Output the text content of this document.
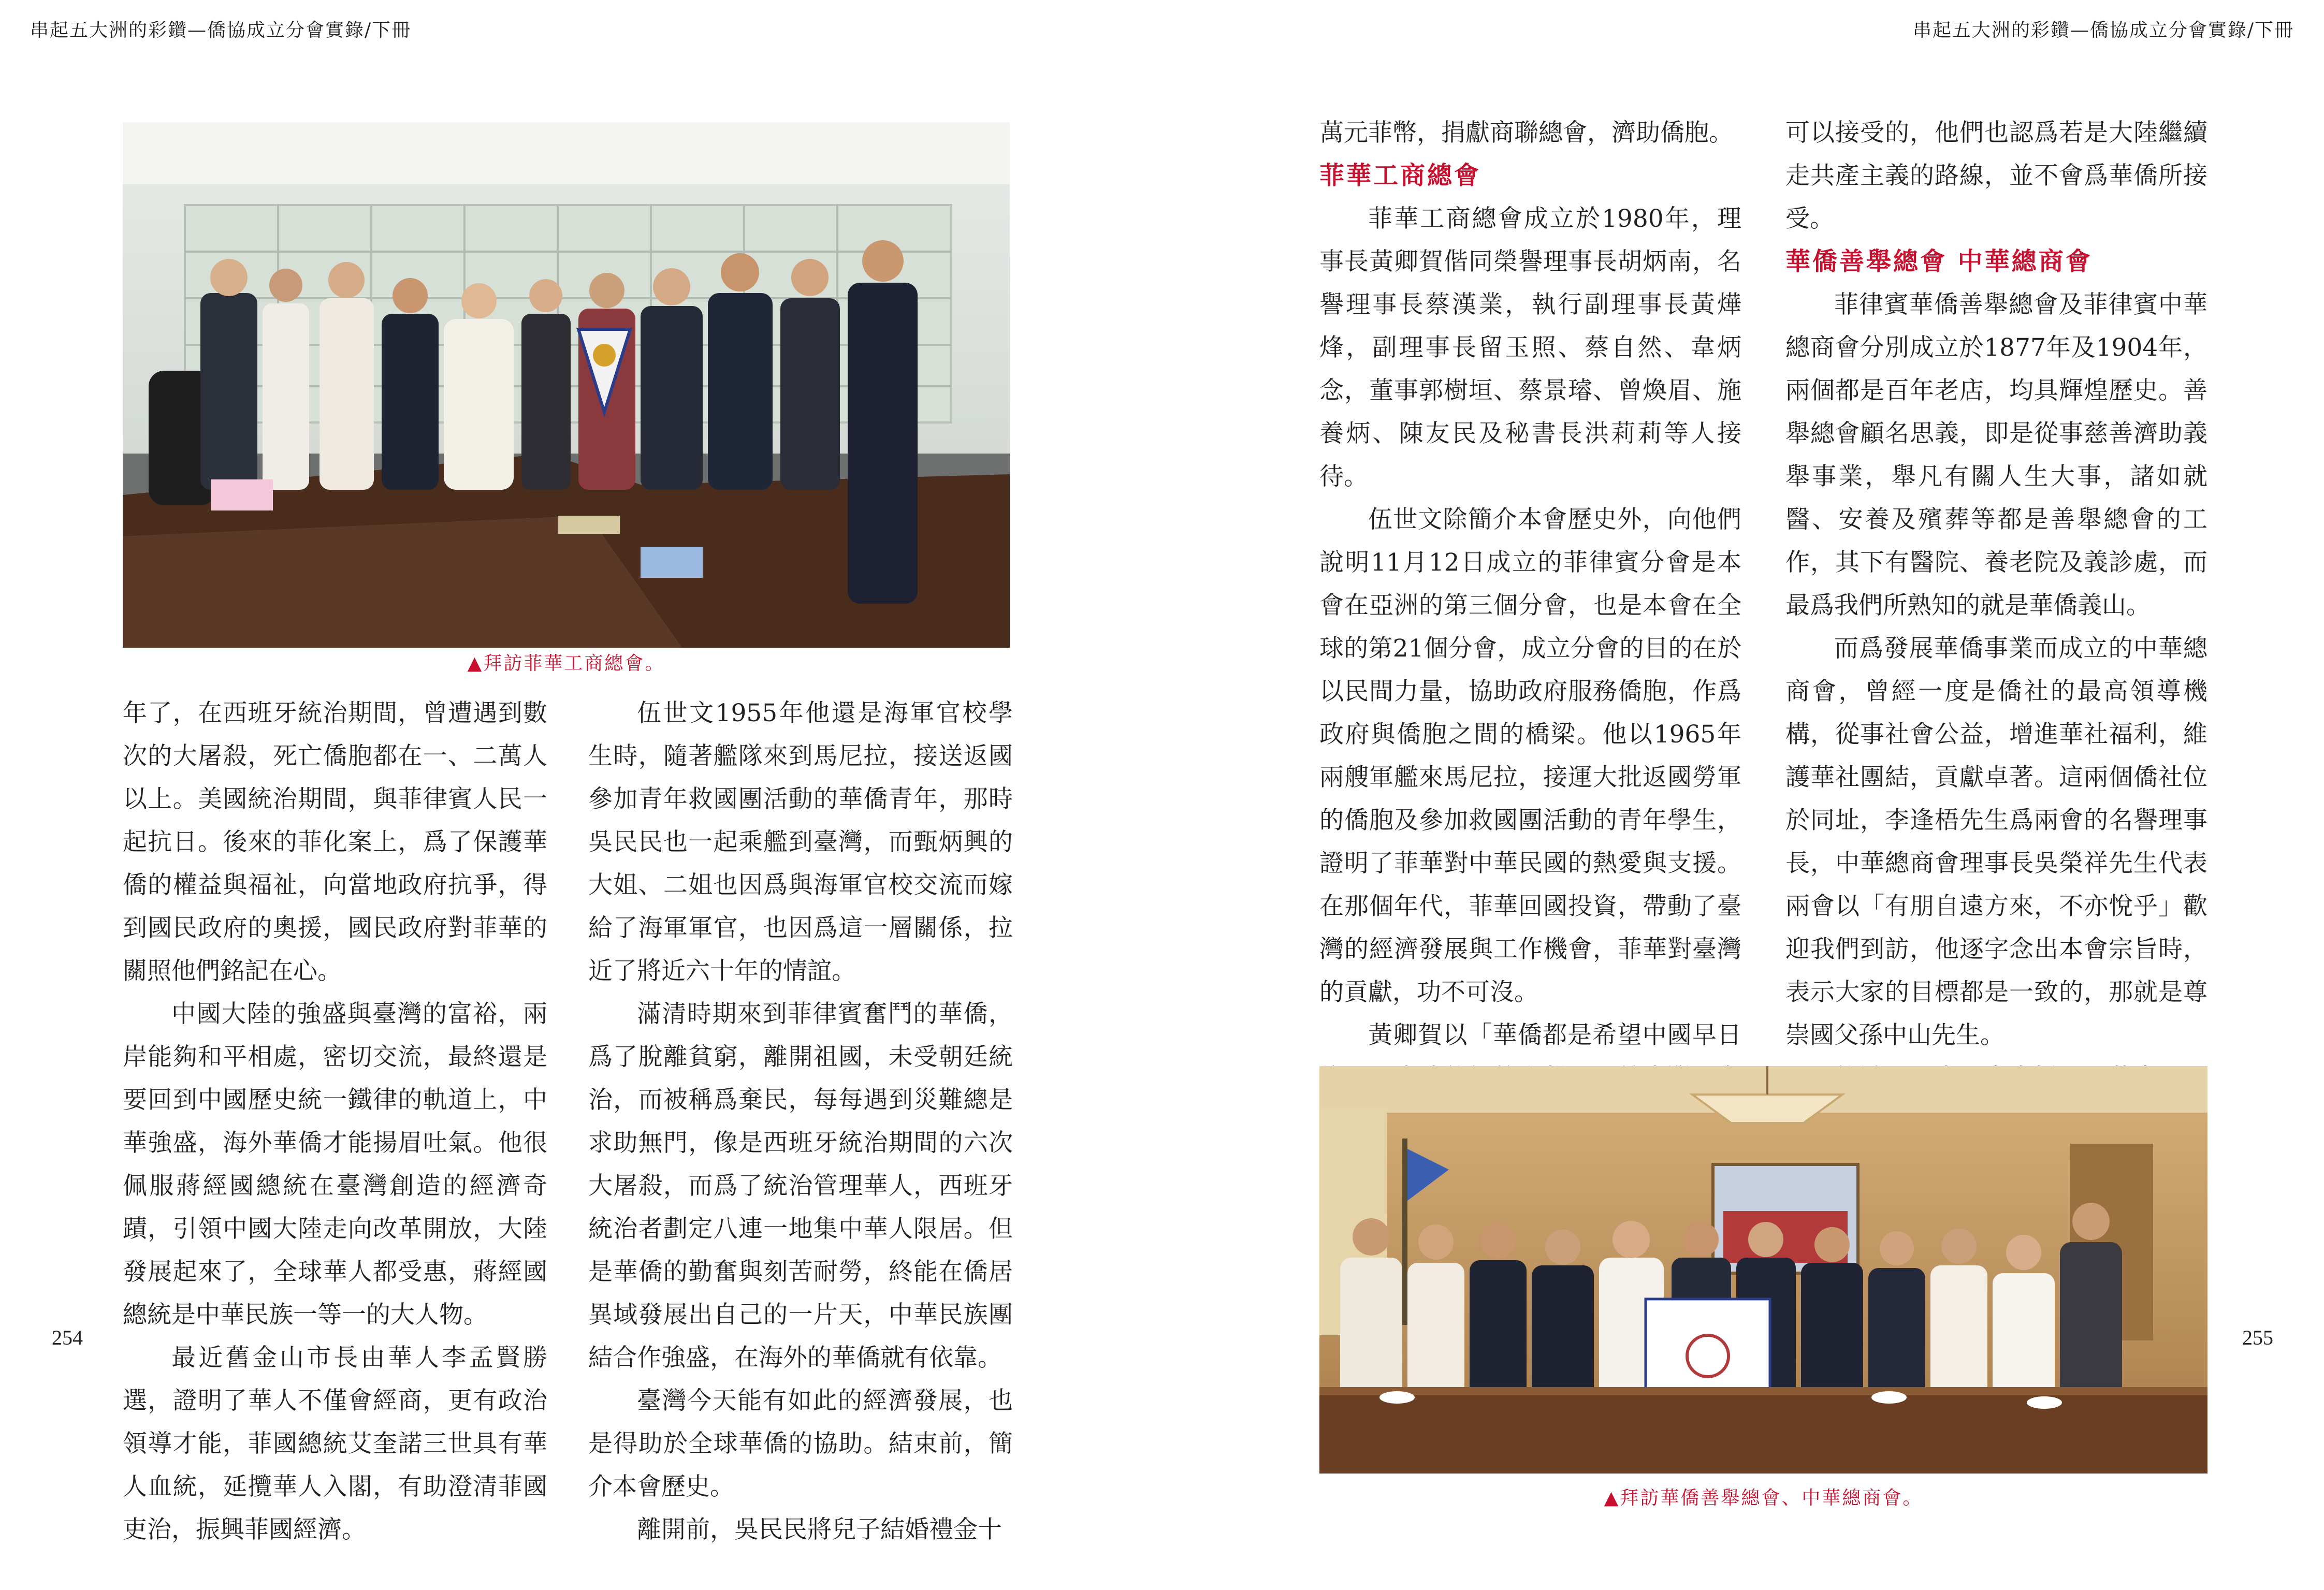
串起五大洲的彩鑽—僑協成立分會實錄/下冊	串起五大洲的彩鑽—僑協成立分會實錄/下冊
▲拜訪菲華工商總會。

年了，在西班牙統治期間，曾遭遇到數次的大屠殺，死亡僑胞都在一、二萬人以上。美國統治期間，與菲律賓人民一起抗日。後來的菲化案上，爲了保護華僑的權益與福祉，向當地政府抗爭，得到國民政府的奧援，國民政府對菲華的關照他們銘記在心。

中國大陸的強盛與臺灣的富裕，兩岸能夠和平相處，密切交流，最終還是要回到中國歷史統一鐵律的軌道上，中華強盛，海外華僑才能揚眉吐氣。他很佩服蔣經國總統在臺灣創造的經濟奇蹟，引領中國大陸走向改革開放，大陸發展起來了，全球華人都受惠，蔣經國總統是中華民族一等一的大人物。

最近舊金山市長由華人李孟賢勝選，證明了華人不僅會經商，更有政治領導才能，菲國總統艾奎諾三世具有華人血統，延攬華人入閣，有助澄清菲國吏治，振興菲國經濟。

伍世文1955年他還是海軍官校學生時，隨著艦隊來到馬尼拉，接送返國參加青年救國團活動的華僑青年，那時吳民民也一起乘艦到臺灣，而甄炳興的大姐、二姐也因爲與海軍官校交流而嫁給了海軍軍官，也因爲這一層關係，拉近了將近六十年的情誼。

滿清時期來到菲律賓奮鬥的華僑，爲了脫離貧窮，離開祖國，未受朝廷統治，而被稱爲棄民，每每遇到災難總是求助無門，像是西班牙統治期間的六次大屠殺，而爲了統治管理華人，西班牙統治者劃定八連一地集中華人限居。但是華僑的勤奮與刻苦耐勞，終能在僑居異域發展出自己的一片天，中華民族團結合作強盛，在海外的華僑就有依靠。

臺灣今天能有如此的經濟發展，也是得助於全球華僑的協助。結束前，簡介本會歷史。

離開前，吳民民將兒子結婚禮金十

萬元菲幣，捐獻商聯總會，濟助僑胞。

菲華工商總會

菲華工商總會成立於1980年，理事長黃卿賀偕同榮譽理事長胡炳南，名譽理事長蔡漢業，執行副理事長黃燁烽，副理事長留玉照、蔡自然、韋炳念，董事郭樹垣、蔡景璿、曾煥眉、施養炳、陳友民及秘書長洪莉莉等人接待。

伍世文除簡介本會歷史外，向他們說明11月12日成立的菲律賓分會是本會在亞洲的第三個分會，也是本會在全球的第21個分會，成立分會的目的在於以民間力量，協助政府服務僑胞，作爲政府與僑胞之間的橋梁。他以1965年兩艘軍艦來馬尼拉，接運大批返國勞軍的僑胞及參加救國團活動的青年學生，證明了菲華對中華民國的熱愛與支援。在那個年代，菲華回國投資，帶動了臺灣的經濟發展與工作機會，菲華對臺灣的貢獻，功不可沒。

黃卿賀以「華僑都是希望中國早日

可以接受的，他們也認爲若是大陸繼續走共產主義的路線，並不會爲華僑所接受。

華僑善舉總會 中華總商會

菲律賓華僑善舉總會及菲律賓中華總商會分別成立於1877年及1904年，兩個都是百年老店，均具輝煌歷史。善舉總會顧名思義，即是從事慈善濟助義舉事業，舉凡有關人生大事，諸如就醫、安養及殯葬等都是善舉總會的工作，其下有醫院、養老院及義診處，而最爲我們所熟知的就是華僑義山。

而爲發展華僑事業而成立的中華總商會，曾經一度是僑社的最高領導機構，從事社會公益，增進華社福利，維護華社團結，貢獻卓著。這兩個僑社位於同址，李逢梧先生爲兩會的名譽理事長，中華總商會理事長吳榮祥先生代表兩會以「有朋自遠方來，不亦悅乎」歡迎我們到訪，他逐字念出本會宗旨時，表示大家的目標都是一致的，那就是尊崇國父孫中山先生。

▲拜訪華僑善舉總會、中華總商會。
254	255
